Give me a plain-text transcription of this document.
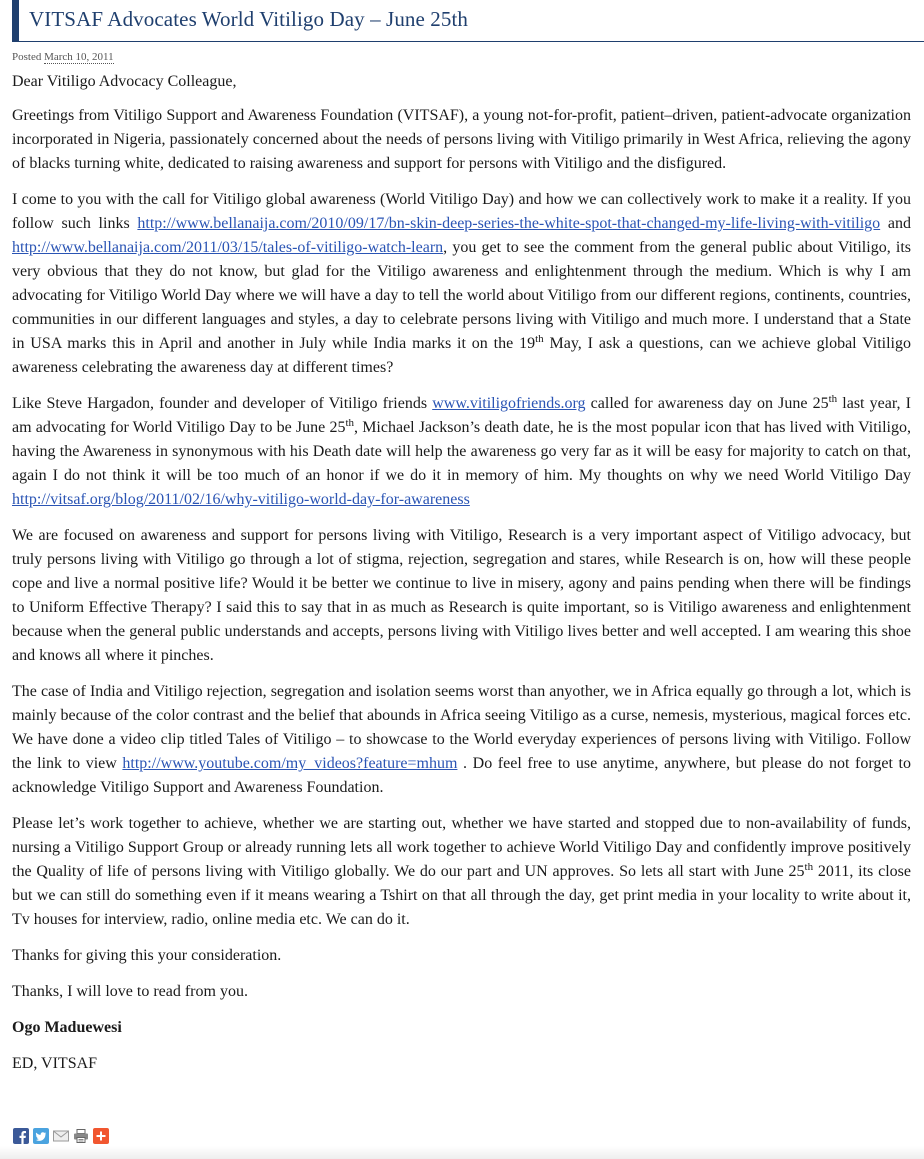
VITSAF Advocates World Vitiligo Day – June 25th
Posted March 10, 2011

Dear Vitiligo Advocacy Colleague,

Greetings from Vitiligo Support and Awareness Foundation (VITSAF), a young not-for-profit, patient–driven, patient-advocate organization incorporated in Nigeria, passionately concerned about the needs of persons living with Vitiligo primarily in West Africa, relieving the agony of blacks turning white, dedicated to raising awareness and support for persons with Vitiligo and the disfigured.

I come to you with the call for Vitiligo global awareness (World Vitiligo Day) and how we can collectively work to make it a reality. If you follow such links http://www.bellanaija.com/2010/09/17/bn-skin-deep-series-the-white-spot-that-changed-my-life-living-with-vitiligo and http://www.bellanaija.com/2011/03/15/tales-of-vitiligo-watch-learn, you get to see the comment from the general public about Vitiligo, its very obvious that they do not know, but glad for the Vitiligo awareness and enlightenment through the medium. Which is why I am advocating for Vitiligo World Day where we will have a day to tell the world about Vitiligo from our different regions, continents, countries, communities in our different languages and styles, a day to celebrate persons living with Vitiligo and much more. I understand that a State in USA marks this in April and another in July while India marks it on the 19th May, I ask a questions, can we achieve global Vitiligo awareness celebrating the awareness day at different times?

Like Steve Hargadon, founder and developer of Vitiligo friends www.vitiligofriends.org called for awareness day on June 25th last year, I am advocating for World Vitiligo Day to be June 25th, Michael Jackson’s death date, he is the most popular icon that has lived with Vitiligo, having the Awareness in synonymous with his Death date will help the awareness go very far as it will be easy for majority to catch on that, again I do not think it will be too much of an honor if we do it in memory of him. My thoughts on why we need World Vitiligo Day http://vitsaf.org/blog/2011/02/16/why-vitiligo-world-day-for-awareness

We are focused on awareness and support for persons living with Vitiligo, Research is a very important aspect of Vitiligo advocacy, but truly persons living with Vitiligo go through a lot of stigma, rejection, segregation and stares, while Research is on, how will these people cope and live a normal positive life? Would it be better we continue to live in misery, agony and pains pending when there will be findings to Uniform Effective Therapy? I said this to say that in as much as Research is quite important, so is Vitiligo awareness and enlightenment because when the general public understands and accepts, persons living with Vitiligo lives better and well accepted. I am wearing this shoe and knows all where it pinches.

The case of India and Vitiligo rejection, segregation and isolation seems worst than anyother, we in Africa equally go through a lot, which is mainly because of the color contrast and the belief that abounds in Africa seeing Vitiligo as a curse, nemesis, mysterious, magical forces etc. We have done a video clip titled Tales of Vitiligo – to showcase to the World everyday experiences of persons living with Vitiligo. Follow the link to view http://www.youtube.com/my_videos?feature=mhum . Do feel free to use anytime, anywhere, but please do not forget to acknowledge Vitiligo Support and Awareness Foundation.

Please let’s work together to achieve, whether we are starting out, whether we have started and stopped due to non-availability of funds, nursing a Vitiligo Support Group or already running lets all work together to achieve World Vitiligo Day and confidently improve positively the Quality of life of persons living with Vitiligo globally. We do our part and UN approves. So lets all start with June 25th 2011, its close but we can still do something even if it means wearing a Tshirt on that all through the day, get print media in your locality to write about it, Tv houses for interview, radio, online media etc. We can do it.

Thanks for giving this your consideration.

Thanks, I will love to read from you.

Ogo Maduewesi

ED, VITSAF
